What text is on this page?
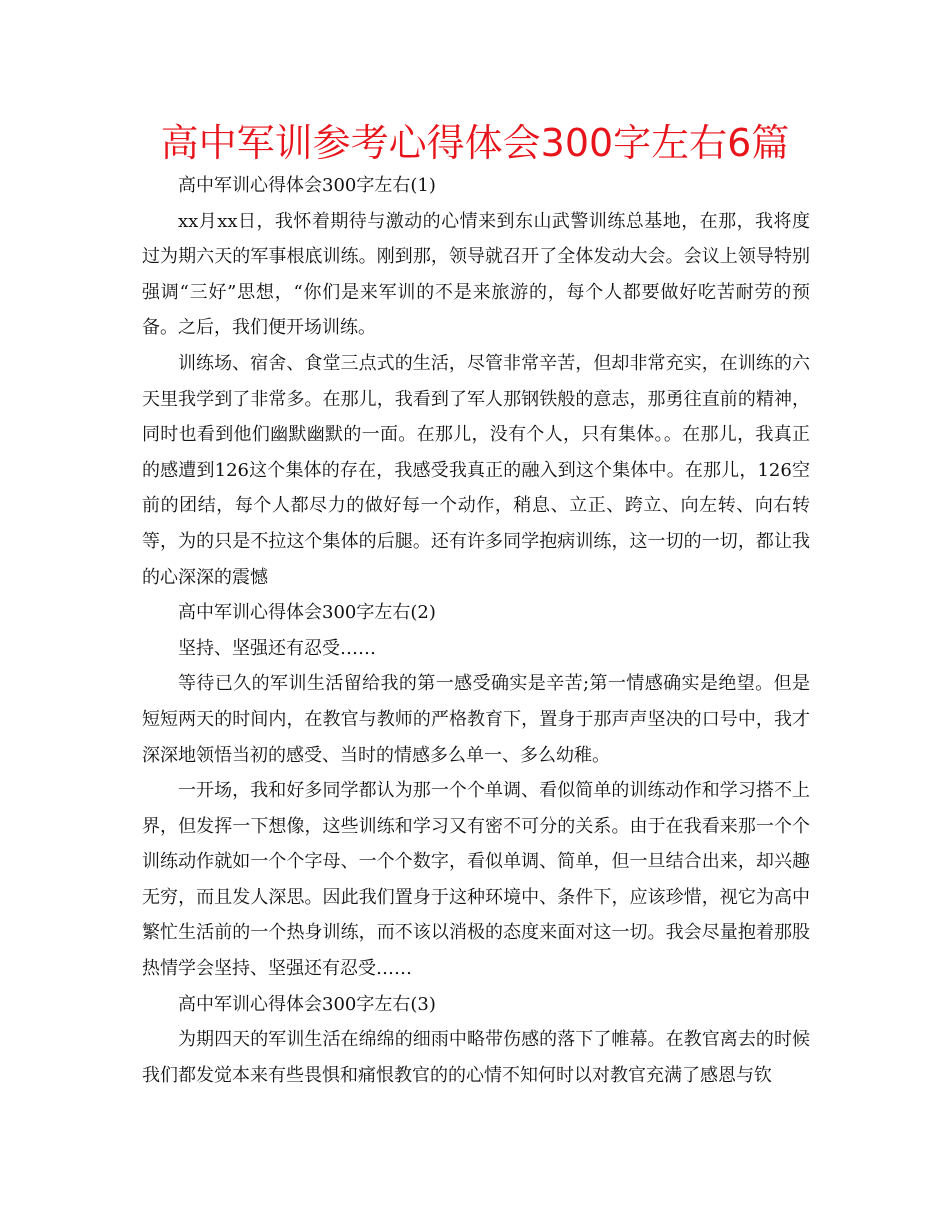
高中军训参考心得体会300字左右6篇

高中军训心得体会300字左右(1)

xx月xx日，我怀着期待与激动的心情来到东山武警训练总基地，在那，我将度过为期六天的军事根底训练。刚到那，领导就召开了全体发动大会。会议上领导特别强调“三好”思想，“你们是来军训的不是来旅游的，每个人都要做好吃苦耐劳的预备。之后，我们便开场训练。

训练场、宿舍、食堂三点式的生活，尽管非常辛苦，但却非常充实，在训练的六天里我学到了非常多。在那儿，我看到了军人那钢铁般的意志，那勇往直前的精神，同时也看到他们幽默幽默的一面。在那儿，没有个人，只有集体。。在那儿，我真正的感遭到126这个集体的存在，我感受我真正的融入到这个集体中。在那儿，126空前的团结，每个人都尽力的做好每一个动作，稍息、立正、跨立、向左转、向右转等，为的只是不拉这个集体的后腿。还有许多同学抱病训练，这一切的一切，都让我的心深深的震憾

高中军训心得体会300字左右(2)

坚持、坚强还有忍受……

等待已久的军训生活留给我的第一感受确实是辛苦;第一情感确实是绝望。但是短短两天的时间内，在教官与教师的严格教育下，置身于那声声坚决的口号中，我才深深地领悟当初的感受、当时的情感多么单一、多么幼稚。

一开场，我和好多同学都认为那一个个单调、看似简单的训练动作和学习搭不上界，但发挥一下想像，这些训练和学习又有密不可分的关系。由于在我看来那一个个训练动作就如一个个字母、一个个数字，看似单调、简单，但一旦结合出来，却兴趣无穷，而且发人深思。因此我们置身于这种环境中、条件下，应该珍惜，视它为高中繁忙生活前的一个热身训练，而不该以消极的态度来面对这一切。我会尽量抱着那股热情学会坚持、坚强还有忍受……

高中军训心得体会300字左右(3)

为期四天的军训生活在绵绵的细雨中略带伤感的落下了帷幕。在教官离去的时候我们都发觉本来有些畏惧和痛恨教官的的心情不知何时以对教官充满了感恩与钦
